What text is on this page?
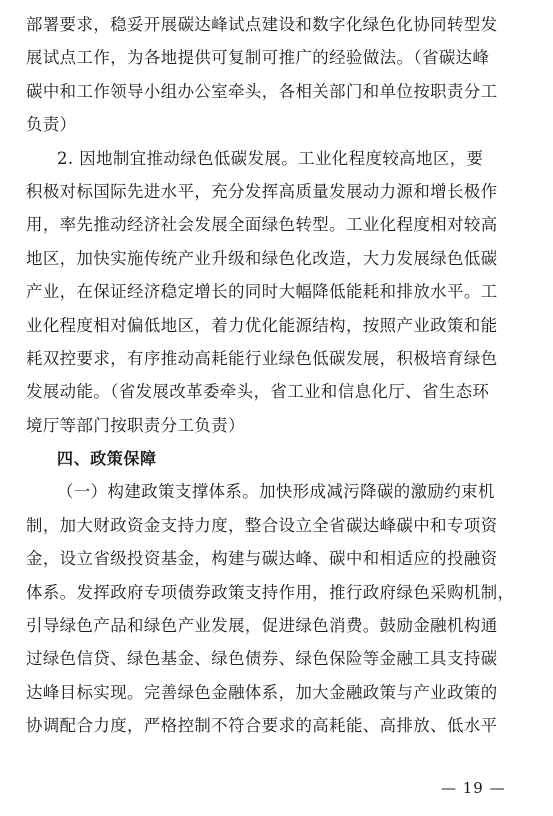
部署要求，稳妥开展碳达峰试点建设和数字化绿色化协同转型发
展试点工作，为各地提供可复制可推广的经验做法。（省碳达峰
碳中和工作领导小组办公室牵头，各相关部门和单位按职责分工
负责）
2. 因地制宜推动绿色低碳发展。工业化程度较高地区，要
积极对标国际先进水平，充分发挥高质量发展动力源和增长极作
用，率先推动经济社会发展全面绿色转型。工业化程度相对较高
地区，加快实施传统产业升级和绿色化改造，大力发展绿色低碳
产业，在保证经济稳定增长的同时大幅降低能耗和排放水平。工
业化程度相对偏低地区，着力优化能源结构，按照产业政策和能
耗双控要求，有序推动高耗能行业绿色低碳发展，积极培育绿色
发展动能。（省发展改革委牵头，省工业和信息化厅、省生态环
境厅等部门按职责分工负责）
四、政策保障
（一）构建政策支撑体系。加快形成减污降碳的激励约束机
制，加大财政资金支持力度，整合设立全省碳达峰碳中和专项资
金，设立省级投资基金，构建与碳达峰、碳中和相适应的投融资
体系。发挥政府专项债券政策支持作用，推行政府绿色采购机制，
引导绿色产品和绿色产业发展，促进绿色消费。鼓励金融机构通
过绿色信贷、绿色基金、绿色债券、绿色保险等金融工具支持碳
达峰目标实现。完善绿色金融体系，加大金融政策与产业政策的
协调配合力度，严格控制不符合要求的高耗能、高排放、低水平
— 19 —
